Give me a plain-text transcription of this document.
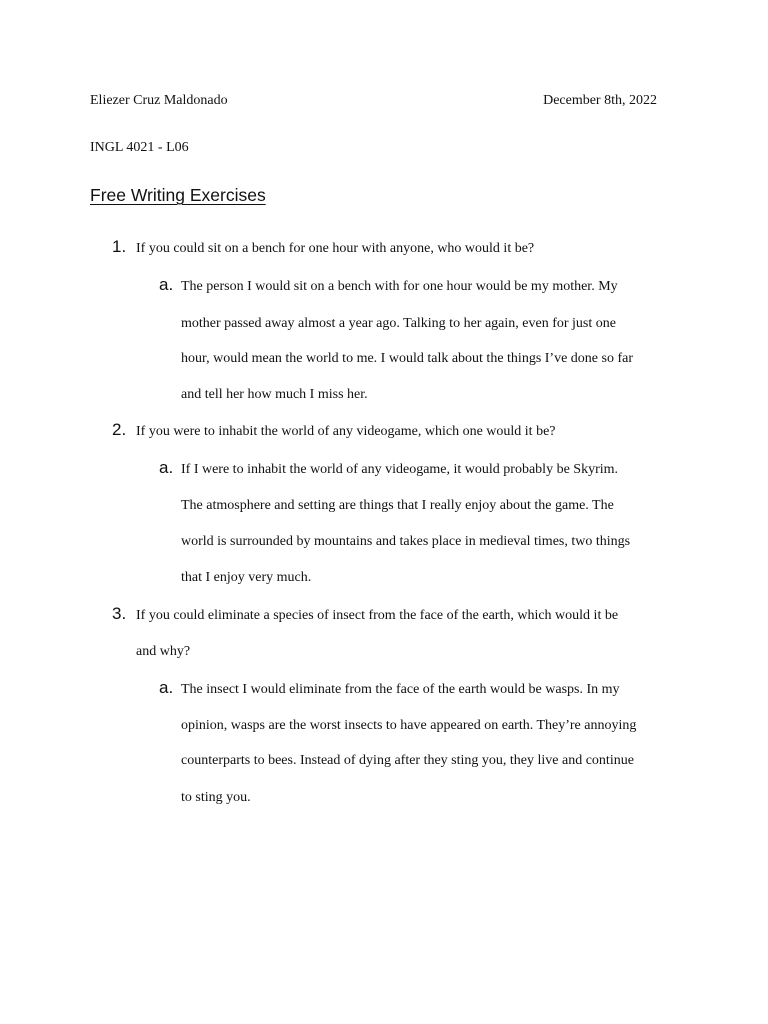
Eliezer Cruz Maldonado	December 8th, 2022
INGL 4021 - L06
Free Writing Exercises
1. If you could sit on a bench for one hour with anyone, who would it be?
a. The person I would sit on a bench with for one hour would be my mother. My
mother passed away almost a year ago. Talking to her again, even for just one
hour, would mean the world to me. I would talk about the things I’ve done so far
and tell her how much I miss her.
2. If you were to inhabit the world of any videogame, which one would it be?
a. If I were to inhabit the world of any videogame, it would probably be Skyrim.
The atmosphere and setting are things that I really enjoy about the game. The
world is surrounded by mountains and takes place in medieval times, two things
that I enjoy very much.
3. If you could eliminate a species of insect from the face of the earth, which would it be
and why?
a. The insect I would eliminate from the face of the earth would be wasps. In my
opinion, wasps are the worst insects to have appeared on earth. They’re annoying
counterparts to bees. Instead of dying after they sting you, they live and continue
to sting you.
